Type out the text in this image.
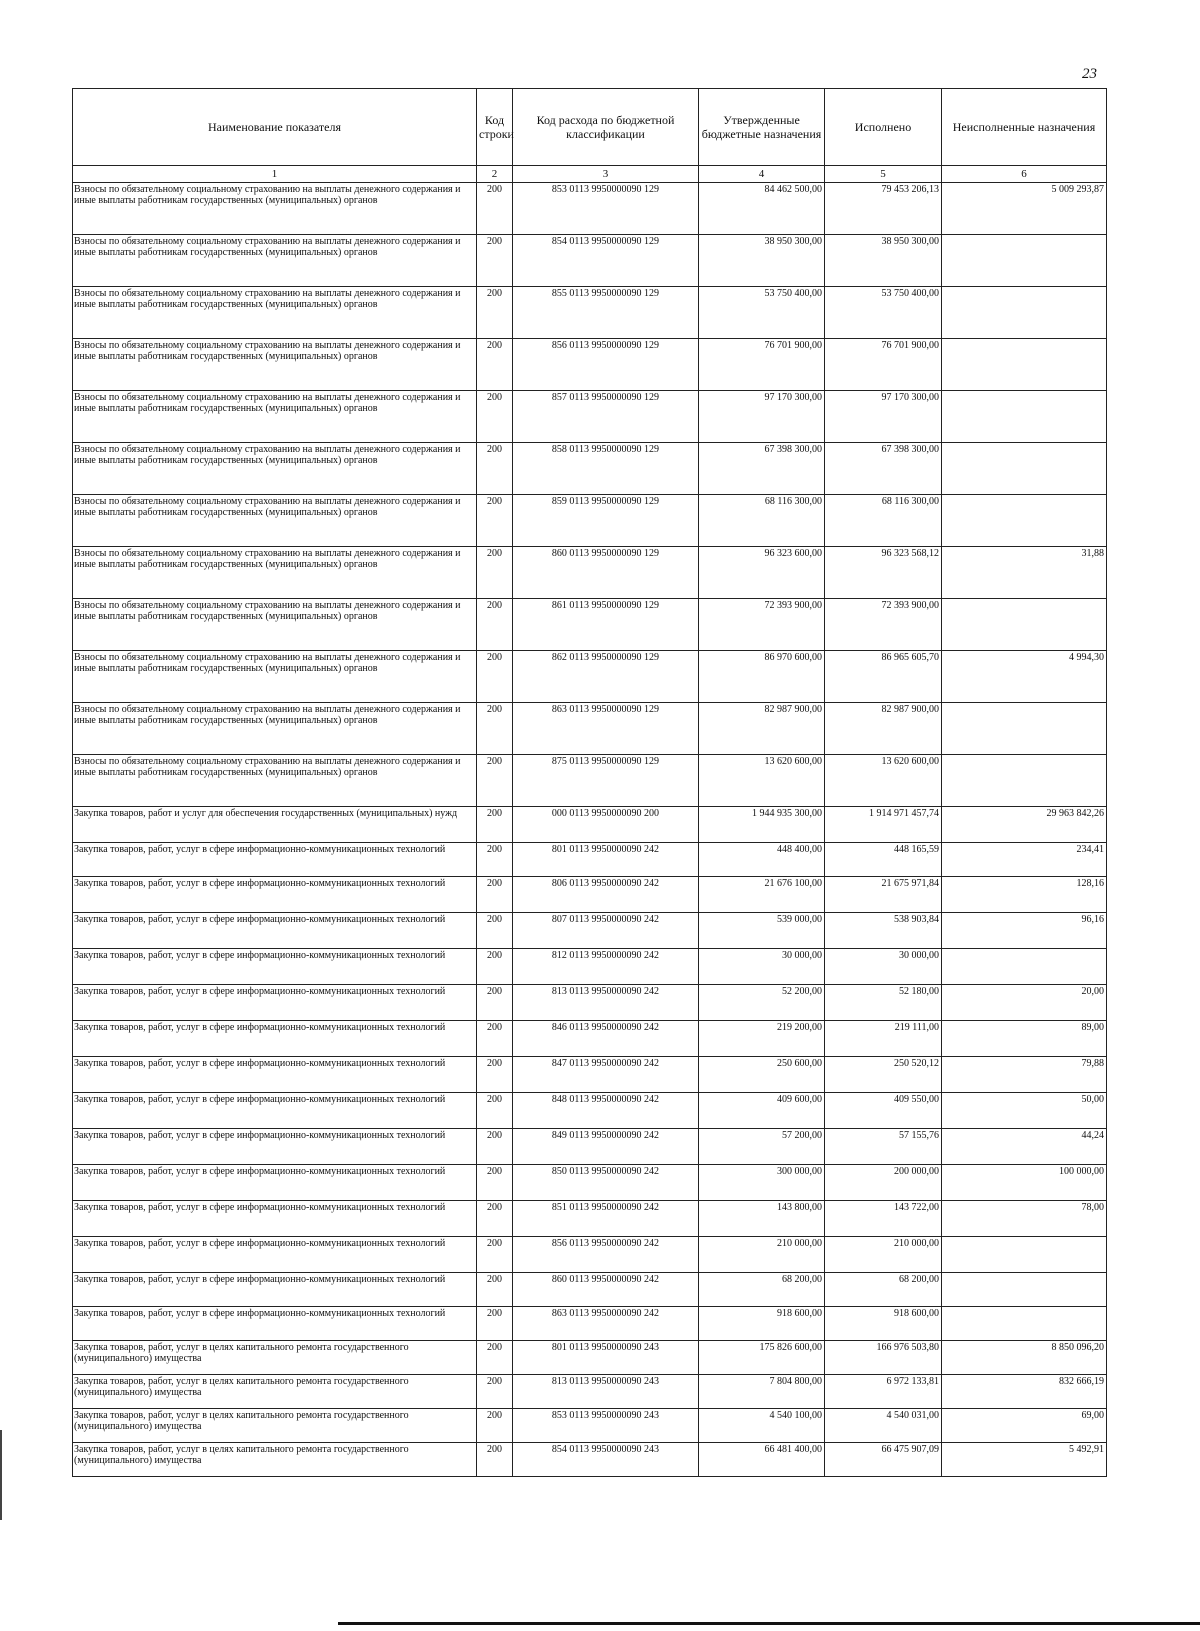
23
Наименование показателя	Код строки	Код расхода по бюджетной классификации	Утвержденные бюджетные назначения	Исполнено	Неисполненные назначения
1	2	3	4	5	6
Взносы по обязательному социальному страхованию на выплаты денежного содержания и иные выплаты работникам государственных (муниципальных) органов	200	853 0113 9950000090 129	84 462 500,00	79 453 206,13	5 009 293,87
Взносы по обязательному социальному страхованию на выплаты денежного содержания и иные выплаты работникам государственных (муниципальных) органов	200	854 0113 9950000090 129	38 950 300,00	38 950 300,00	
Взносы по обязательному социальному страхованию на выплаты денежного содержания и иные выплаты работникам государственных (муниципальных) органов	200	855 0113 9950000090 129	53 750 400,00	53 750 400,00	
Взносы по обязательному социальному страхованию на выплаты денежного содержания и иные выплаты работникам государственных (муниципальных) органов	200	856 0113 9950000090 129	76 701 900,00	76 701 900,00	
Взносы по обязательному социальному страхованию на выплаты денежного содержания и иные выплаты работникам государственных (муниципальных) органов	200	857 0113 9950000090 129	97 170 300,00	97 170 300,00	
Взносы по обязательному социальному страхованию на выплаты денежного содержания и иные выплаты работникам государственных (муниципальных) органов	200	858 0113 9950000090 129	67 398 300,00	67 398 300,00	
Взносы по обязательному социальному страхованию на выплаты денежного содержания и иные выплаты работникам государственных (муниципальных) органов	200	859 0113 9950000090 129	68 116 300,00	68 116 300,00	
Взносы по обязательному социальному страхованию на выплаты денежного содержания и иные выплаты работникам государственных (муниципальных) органов	200	860 0113 9950000090 129	96 323 600,00	96 323 568,12	31,88
Взносы по обязательному социальному страхованию на выплаты денежного содержания и иные выплаты работникам государственных (муниципальных) органов	200	861 0113 9950000090 129	72 393 900,00	72 393 900,00	
Взносы по обязательному социальному страхованию на выплаты денежного содержания и иные выплаты работникам государственных (муниципальных) органов	200	862 0113 9950000090 129	86 970 600,00	86 965 605,70	4 994,30
Взносы по обязательному социальному страхованию на выплаты денежного содержания и иные выплаты работникам государственных (муниципальных) органов	200	863 0113 9950000090 129	82 987 900,00	82 987 900,00	
Взносы по обязательному социальному страхованию на выплаты денежного содержания и иные выплаты работникам государственных (муниципальных) органов	200	875 0113 9950000090 129	13 620 600,00	13 620 600,00	
Закупка товаров, работ и услуг для обеспечения государственных (муниципальных) нужд	200	000 0113 9950000090 200	1 944 935 300,00	1 914 971 457,74	29 963 842,26
Закупка товаров, работ, услуг в сфере информационно-коммуникационных технологий	200	801 0113 9950000090 242	448 400,00	448 165,59	234,41
Закупка товаров, работ, услуг в сфере информационно-коммуникационных технологий	200	806 0113 9950000090 242	21 676 100,00	21 675 971,84	128,16
Закупка товаров, работ, услуг в сфере информационно-коммуникационных технологий	200	807 0113 9950000090 242	539 000,00	538 903,84	96,16
Закупка товаров, работ, услуг в сфере информационно-коммуникационных технологий	200	812 0113 9950000090 242	30 000,00	30 000,00	
Закупка товаров, работ, услуг в сфере информационно-коммуникационных технологий	200	813 0113 9950000090 242	52 200,00	52 180,00	20,00
Закупка товаров, работ, услуг в сфере информационно-коммуникационных технологий	200	846 0113 9950000090 242	219 200,00	219 111,00	89,00
Закупка товаров, работ, услуг в сфере информационно-коммуникационных технологий	200	847 0113 9950000090 242	250 600,00	250 520,12	79,88
Закупка товаров, работ, услуг в сфере информационно-коммуникационных технологий	200	848 0113 9950000090 242	409 600,00	409 550,00	50,00
Закупка товаров, работ, услуг в сфере информационно-коммуникационных технологий	200	849 0113 9950000090 242	57 200,00	57 155,76	44,24
Закупка товаров, работ, услуг в сфере информационно-коммуникационных технологий	200	850 0113 9950000090 242	300 000,00	200 000,00	100 000,00
Закупка товаров, работ, услуг в сфере информационно-коммуникационных технологий	200	851 0113 9950000090 242	143 800,00	143 722,00	78,00
Закупка товаров, работ, услуг в сфере информационно-коммуникационных технологий	200	856 0113 9950000090 242	210 000,00	210 000,00	
Закупка товаров, работ, услуг в сфере информационно-коммуникационных технологий	200	860 0113 9950000090 242	68 200,00	68 200,00	
Закупка товаров, работ, услуг в сфере информационно-коммуникационных технологий	200	863 0113 9950000090 242	918 600,00	918 600,00	
Закупка товаров, работ, услуг в целях капитального ремонта государственного (муниципального) имущества	200	801 0113 9950000090 243	175 826 600,00	166 976 503,80	8 850 096,20
Закупка товаров, работ, услуг в целях капитального ремонта государственного (муниципального) имущества	200	813 0113 9950000090 243	7 804 800,00	6 972 133,81	832 666,19
Закупка товаров, работ, услуг в целях капитального ремонта государственного (муниципального) имущества	200	853 0113 9950000090 243	4 540 100,00	4 540 031,00	69,00
Закупка товаров, работ, услуг в целях капитального ремонта государственного (муниципального) имущества	200	854 0113 9950000090 243	66 481 400,00	66 475 907,09	5 492,91
